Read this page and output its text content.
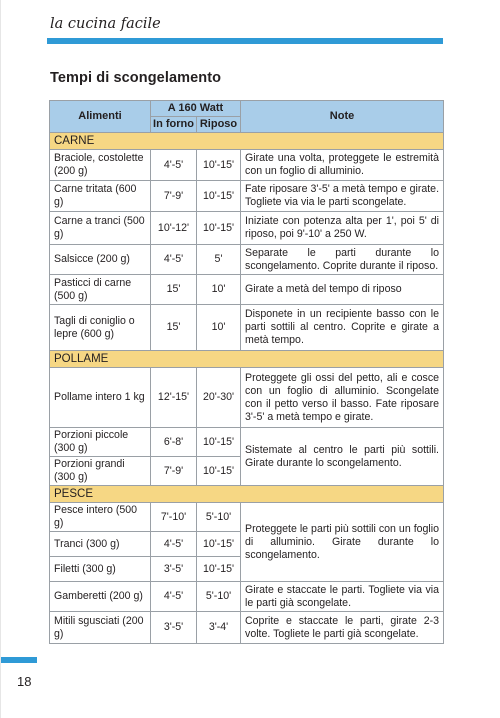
la cucina facile
Tempi di scongelamento
Alimenti	A 160 Watt		Note
	In forno	Riposo	
CARNE			
Braciole, costolette (200 g)	4'-5'	10'-15'	Girate una volta, proteggete le estremità con un foglio di alluminio.
Carne tritata (600 g)	7'-9'	10'-15'	Fate riposare 3'-5' a metà tempo e girate. Togliete via via le parti scongelate.
Carne a tranci (500 g)	10'-12'	10'-15'	Iniziate con potenza alta per 1', poi 5' di riposo, poi 9'-10' a 250 W.
Salsicce (200 g)	4'-5'	5'	Separate le parti durante lo scongelamento. Coprite durante il riposo.
Pasticci di carne (500 g)	15'	10'	Girate a metà del tempo di riposo
Tagli di coniglio o lepre (600 g)	15'	10'	Disponete in un recipiente basso con le parti sottili al centro. Coprite e girate a metà tempo.
POLLAME			
Pollame intero 1 kg	12'-15'	20'-30'	Proteggete gli ossi del petto, ali e cosce con un foglio di alluminio. Scongelate con il petto verso il basso. Fate riposare 3'-5' a metà tempo e girate.
Porzioni piccole (300 g)	6'-8'	10'-15'	Sistemate al centro le parti più sottili. Girate durante lo scongelamento.
Porzioni grandi (300 g)	7'-9'	10'-15'	
PESCE			
Pesce intero (500 g)	7'-10'	5'-10'	Proteggete le parti più sottili con un foglio di alluminio. Girate durante lo scongelamento.
Tranci (300 g)	4'-5'	10'-15'	
Filetti (300 g)	3'-5'	10'-15'	
Gamberetti (200 g)	4'-5'	5'-10'	Girate e staccate le parti. Togliete via via le parti già scongelate.
Mitili sgusciati (200 g)	3'-5'	3'-4'	Coprite e staccate le parti, girate 2-3 volte. Togliete le parti già scongelate.
18
